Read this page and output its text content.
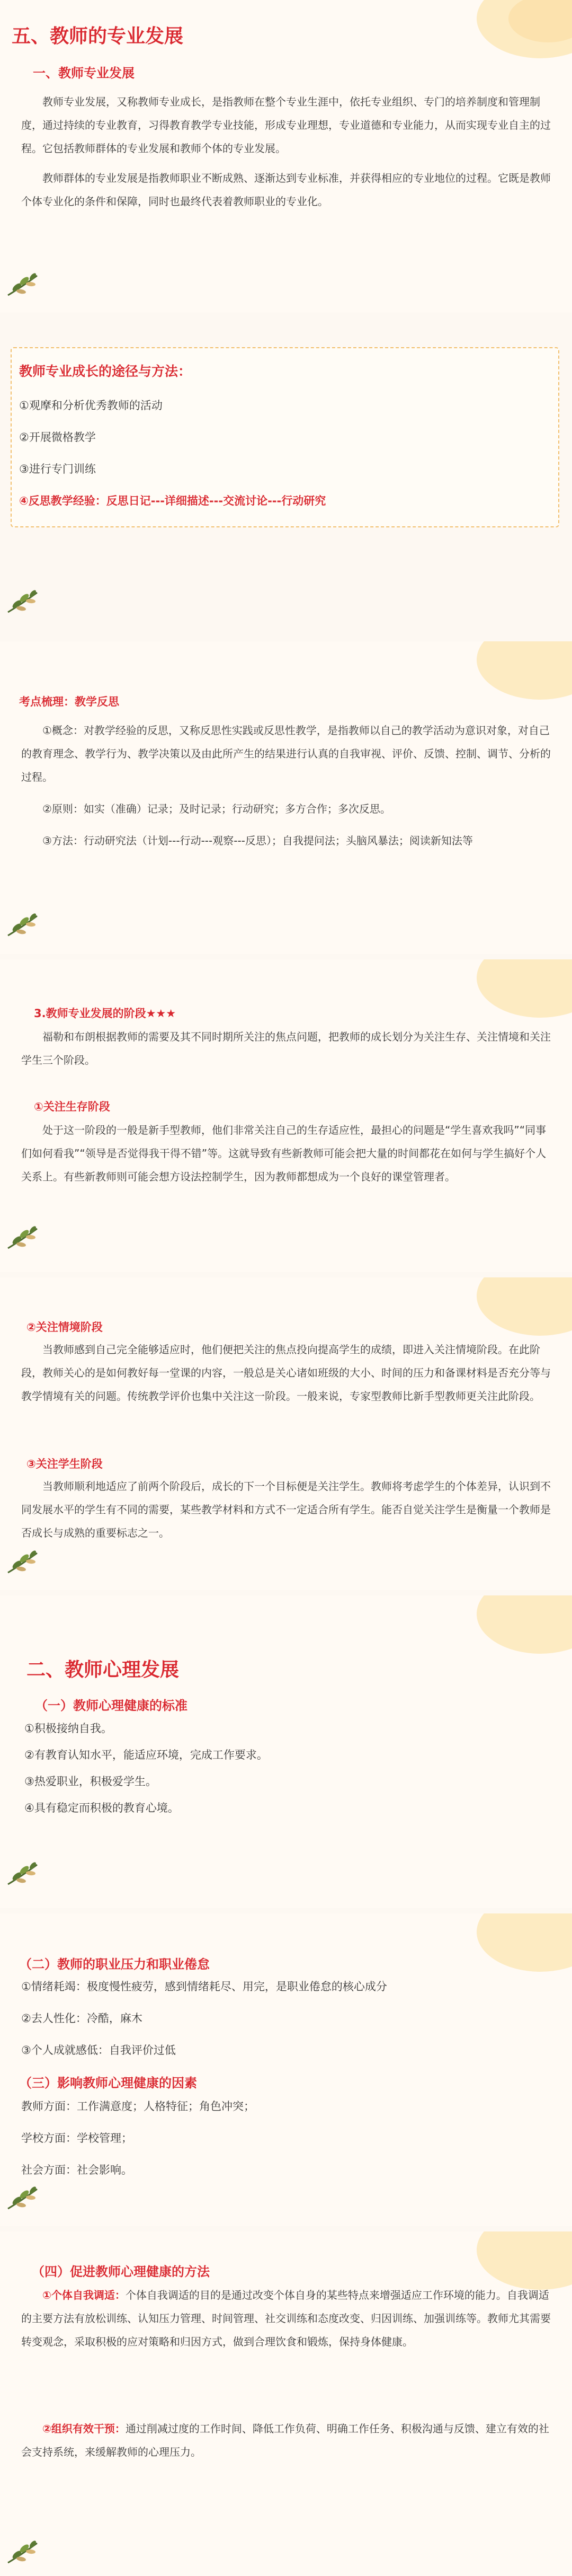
五、教师的专业发展
一、教师专业发展

教师专业发展，又称教师专业成长，是指教师在整个专业生涯中，依托专业组织、专门的培养制度和管理制度，通过持续的专业教育，习得教育教学专业技能，形成专业理想，专业道德和专业能力，从而实现专业自主的过程。它包括教师群体的专业发展和教师个体的专业发展。

教师群体的专业发展是指教师职业不断成熟、逐渐达到专业标准，并获得相应的专业地位的过程。它既是教师个体专业化的条件和保障，同时也最终代表着教师职业的专业化。

教师专业成长的途径与方法：
①观摩和分析优秀教师的活动
②开展微格教学
③进行专门训练
④反思教学经验：反思日记---详细描述---交流讨论---行动研究
考点梳理：教学反思

①概念：对教学经验的反思，又称反思性实践或反思性教学，是指教师以自己的教学活动为意识对象，对自己的教育理念、教学行为、教学决策以及由此所产生的结果进行认真的自我审视、评价、反馈、控制、调节、分析的过程。

②原则：如实（准确）记录；及时记录；行动研究；多方合作；多次反思。

③方法：行动研究法（计划---行动---观察---反思）；自我提问法；头脑风暴法；阅读新知法等

3.教师专业发展的阶段★★★

福勒和布朗根据教师的需要及其不同时期所关注的焦点问题，把教师的成长划分为关注生存、关注情境和关注学生三个阶段。

①关注生存阶段

处于这一阶段的一般是新手型教师，他们非常关注自己的生存适应性，最担心的问题是“学生喜欢我吗”“同事们如何看我”“领导是否觉得我干得不错”等。这就导致有些新教师可能会把大量的时间都花在如何与学生搞好个人关系上。有些新教师则可能会想方设法控制学生，因为教师都想成为一个良好的课堂管理者。

②关注情境阶段

当教师感到自己完全能够适应时，他们便把关注的焦点投向提高学生的成绩，即进入关注情境阶段。在此阶段，教师关心的是如何教好每一堂课的内容，一般总是关心诸如班级的大小、时间的压力和备课材料是否充分等与教学情境有关的问题。传统教学评价也集中关注这一阶段。一般来说，专家型教师比新手型教师更关注此阶段。

③关注学生阶段

当教师顺利地适应了前两个阶段后，成长的下一个目标便是关注学生。教师将考虑学生的个体差异，认识到不同发展水平的学生有不同的需要，某些教学材料和方式不一定适合所有学生。能否自觉关注学生是衡量一个教师是否成长与成熟的重要标志之一。

二、教师心理发展
（一）教师心理健康的标准
①积极接纳自我。
②有教育认知水平，能适应环境，完成工作要求。
③热爱职业，积极爱学生。
④具有稳定而积极的教育心境。
（二）教师的职业压力和职业倦怠
①情绪耗竭：极度慢性疲劳，感到情绪耗尽、用完，是职业倦怠的核心成分
②去人性化：冷酷，麻木
③个人成就感低：自我评价过低
（三）影响教师心理健康的因素
教师方面：工作满意度；人格特征；角色冲突；
学校方面：学校管理；
社会方面：社会影响。
（四）促进教师心理健康的方法

①个体自我调适：个体自我调适的目的是通过改变个体自身的某些特点来增强适应工作环境的能力。自我调适的主要方法有放松训练、认知压力管理、时间管理、社交训练和态度改变、归因训练、加强训练等。教师尤其需要转变观念，采取积极的应对策略和归因方式，做到合理饮食和锻炼，保持身体健康。

②组织有效干预：通过削减过度的工作时间、降低工作负荷、明确工作任务、积极沟通与反馈、建立有效的社会支持系统，来缓解教师的心理压力。
